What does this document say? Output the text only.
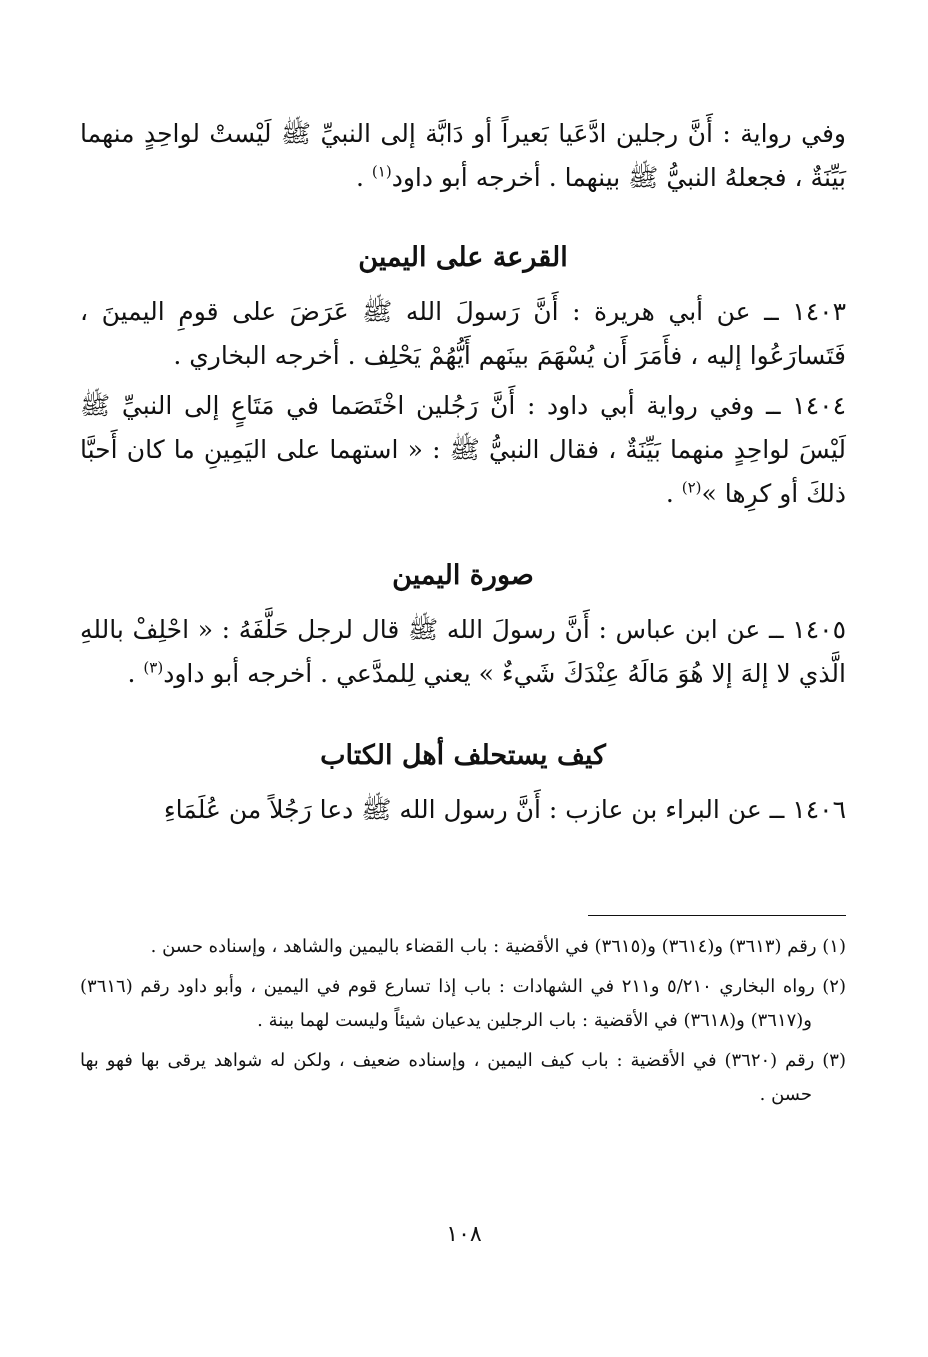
وفي رواية : أَنَّ رجلين ادَّعَيا بَعيراً أو دَابَّة إلى النبيِّ ﷺ لَيْستْ لواحِدٍ منهما بَيِّنَةٌ ، فجعلهُ النبيُّ ﷺ بينهما . أخرجه أبو داود$^{(١)}$ .

القرعة على اليمين

١٤٠٣ ــ عن أبي هريرة : أَنَّ رَسولَ الله ﷺ عَرَضَ على قومِ اليمينَ ، فَتَسارَعُوا إليه ، فأَمَرَ أَن يُسْهَمَ بينَهم أَيُّهُمْ يَحْلِف . أخرجه البخاري .

١٤٠٤ ــ وفي رواية أبي داود : أَنَّ رَجُلين اخْتَصَما في مَتَاعٍ إلى النبيِّ ﷺ لَيْسَ لواحِدٍ منهما بَيِّنَةٌ ، فقال النبيُّ ﷺ : « استهما على اليَمِينِ ما كان أَحبَّا ذلكَ أو كرِها »$^{(٢)}$ .

صورة اليمين

١٤٠٥ ــ عن ابن عباس : أَنَّ رسولَ الله ﷺ قال لرجل حَلَّفَهُ : « احْلِفْ باللهِ الَّذي لا إلهَ إلا هُوَ مَالَهُ عِنْدَكَ شَيءٌ » يعني لِلمدَّعي . أخرجه أبو داود$^{(٣)}$ .

كيف يستحلف أهل الكتاب

١٤٠٦ ــ عن البراء بن عازب : أَنَّ رسول الله ﷺ دعا رَجُلاً من عُلَمَاءِ

(١) رقم (٣٦١٣) و(٣٦١٤) و(٣٦١٥) في الأقضية : باب القضاء باليمين والشاهد ، وإسناده حسن .

(٢) رواه البخاري ٥/٢١٠ و٢١١ في الشهادات : باب إذا تسارع قوم في اليمين ، وأبو داود رقم (٣٦١٦) و(٣٦١٧) و(٣٦١٨) في الأقضية : باب الرجلين يدعيان شيئاً وليست لهما بينة .

(٣) رقم (٣٦٢٠) في الأقضية : باب كيف اليمين ، وإسناده ضعيف ، ولكن له شواهد يرقى بها فهو بها حسن .

١٠٨
